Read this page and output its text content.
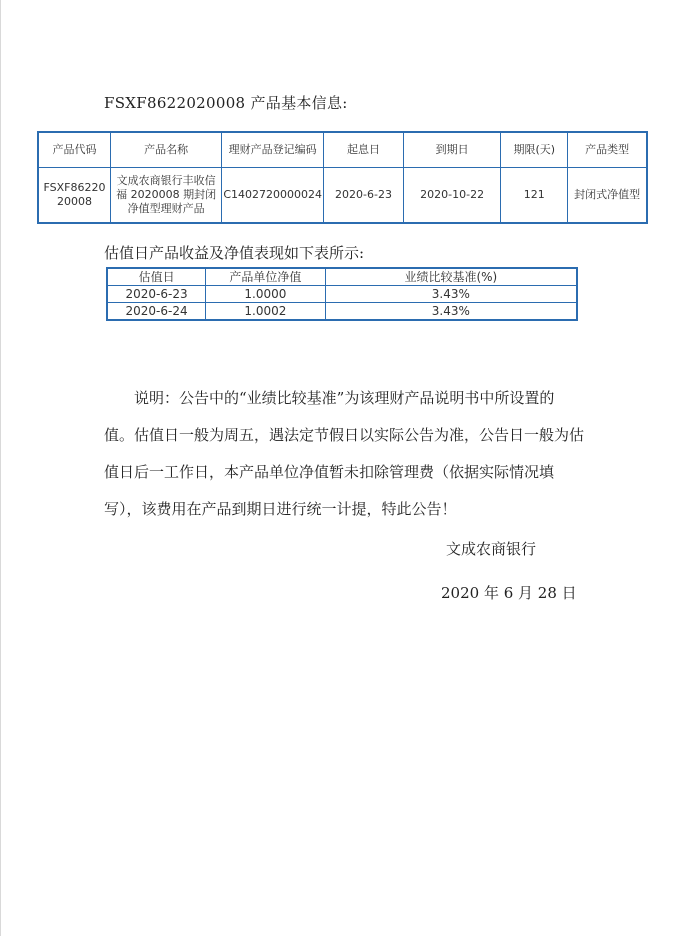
FSXF8622020008 产品基本信息:
产品代码	产品名称	理财产品登记编码	起息日	到期日	期限(天)	产品类型
FSXF8622020008	文成农商银行丰收信福 2020008 期封闭净值型理财产品	C1402720000024	2020-6-23	2020-10-22	121	封闭式净值型
估值日产品收益及净值表现如下表所示:
估值日	产品单位净值	业绩比较基准(%)
2020-6-23	1.0000	3.43%
2020-6-24	1.0002	3.43%
说明：公告中的“业绩比较基准”为该理财产品说明书中所设置的值。估值日一般为周五，遇法定节假日以实际公告为准，公告日一般为估值日后一工作日，本产品单位净值暂未扣除管理费（依据实际情况填写），该费用在产品到期日进行统一计提，特此公告！
文成农商银行
2020 年 6 月 28 日
